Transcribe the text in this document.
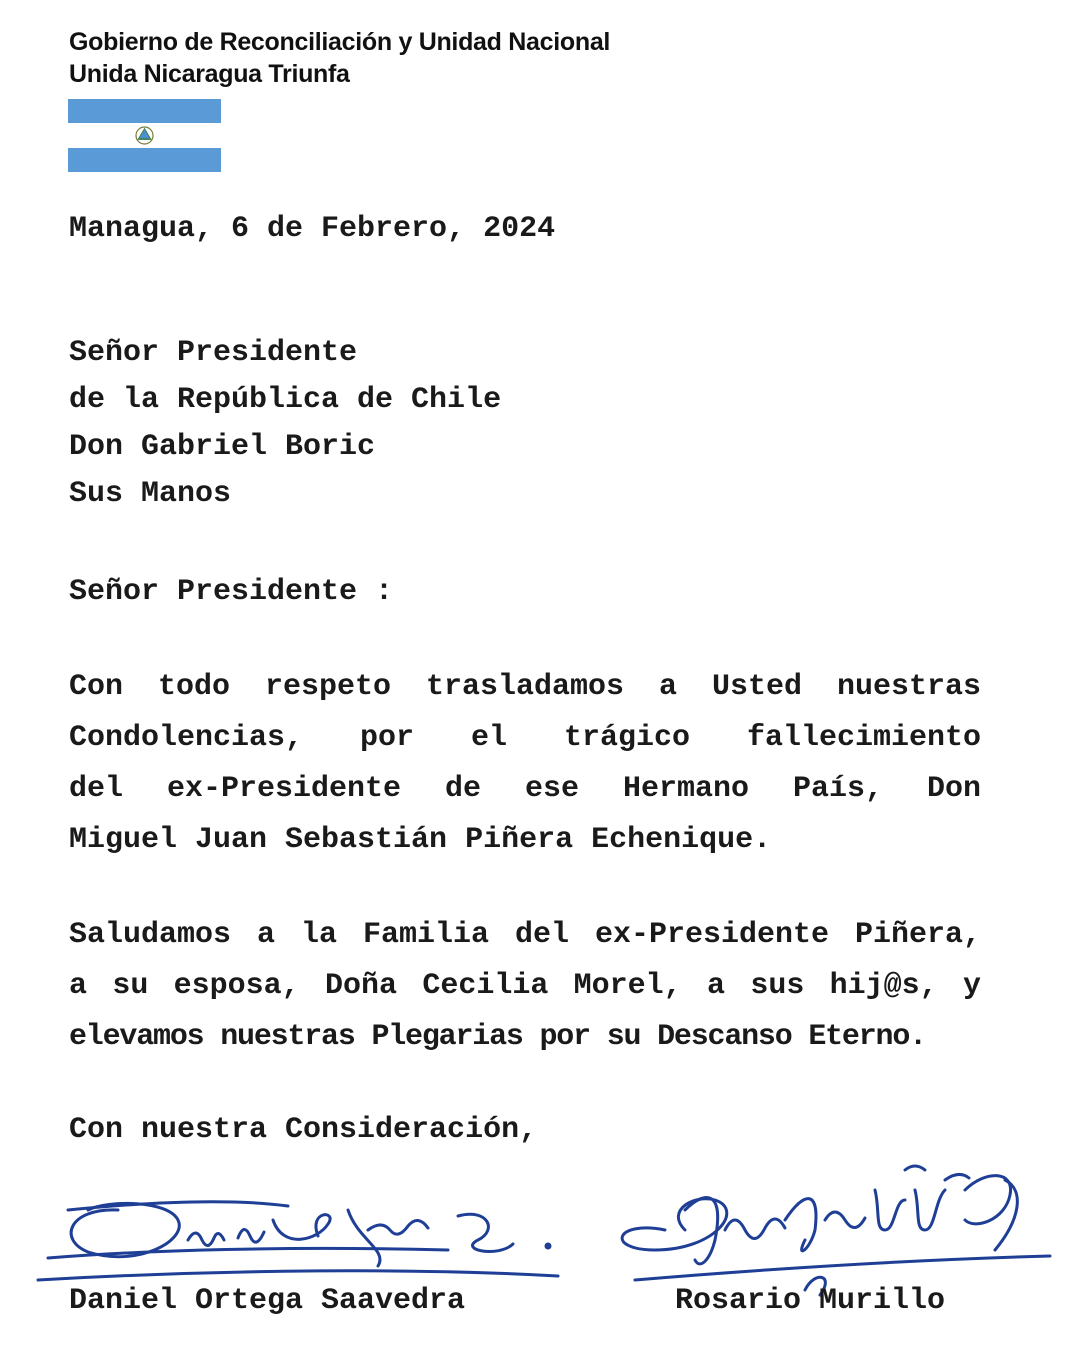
Gobierno de Reconciliación y Unidad Nacional
Unida Nicaragua Triunfa
Managua, 6 de Febrero, 2024
Señor Presidente
de la República de Chile
Don Gabriel Boric
Sus Manos
Señor Presidente :
Con todo respeto trasladamos a Usted nuestras
Condolencias, por el trágico fallecimiento
del ex-Presidente de ese Hermano País, Don
Miguel Juan Sebastián Piñera Echenique.
Saludamos a la Familia del ex-Presidente Piñera,
a su esposa, Doña Cecilia Morel, a sus hij@s, y
elevamos nuestras Plegarias por su Descanso Eterno.
Con nuestra Consideración,
Daniel Ortega Saavedra	Rosario Murillo
